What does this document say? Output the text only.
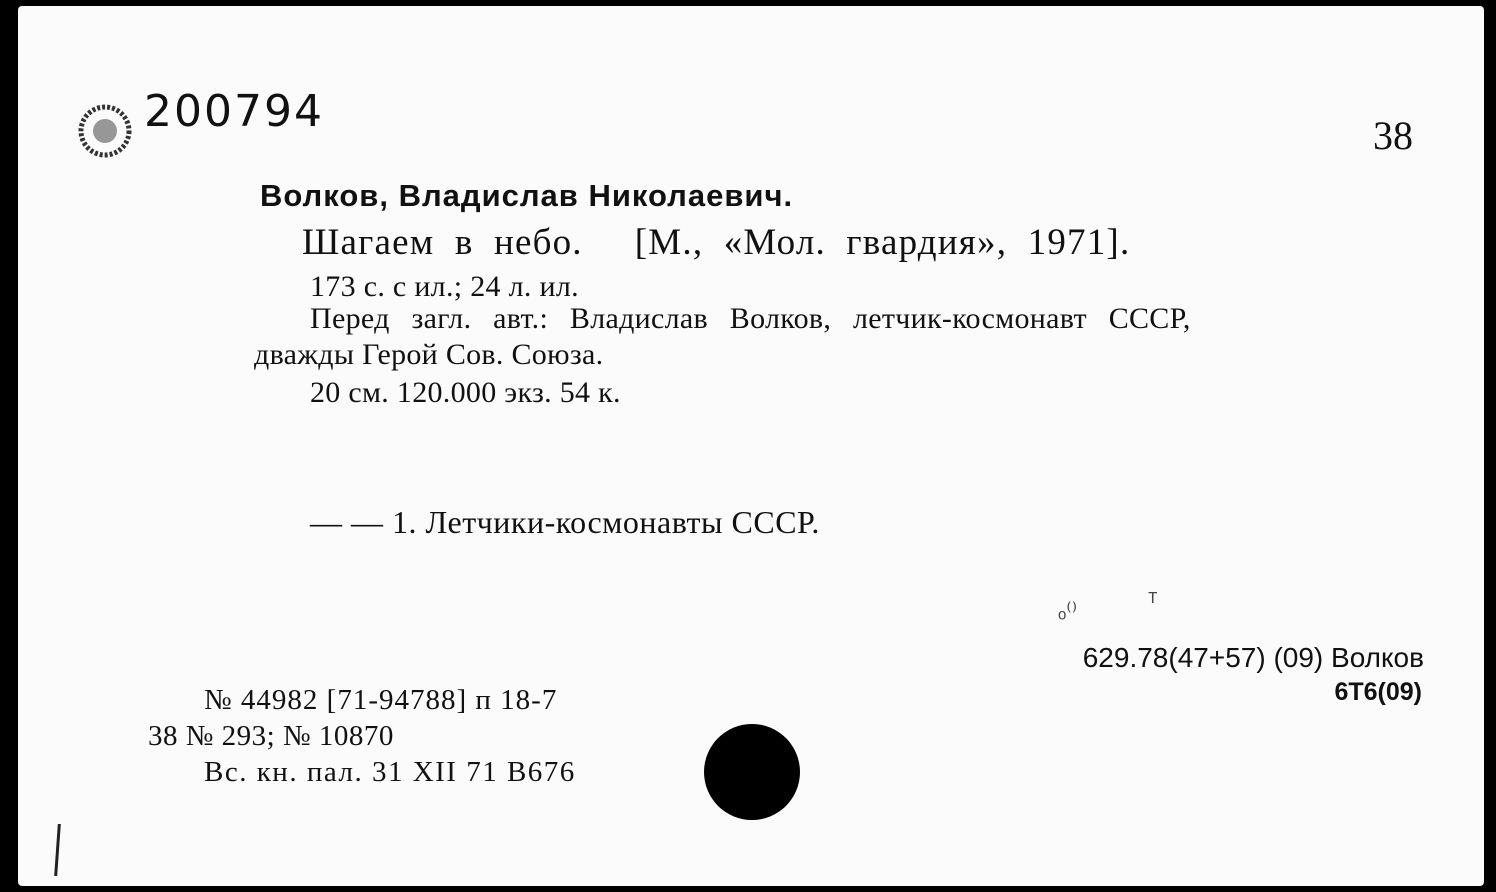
200794	38
Волков, Владислав Николаевич.
Шагаем в небо. [М., «Мол. гвардия», 1971].
173 с. с ил.; 24 л. ил.
Перед загл. авт.: Владислав Волков, летчик-космонавт СССР,
дважды Герой Сов. Союза.
20 см. 120.000 экз. 54 к.
— — 1. Летчики-космонавты СССР.
629.78(47+57) (09) Волков
6Т6(09)
№ 44982 [71-94788] п 18-7
38 № 293; № 10870
Вс. кн. пал. 31 XII 71 В676
ₒ⁽⁾	ᵀ
